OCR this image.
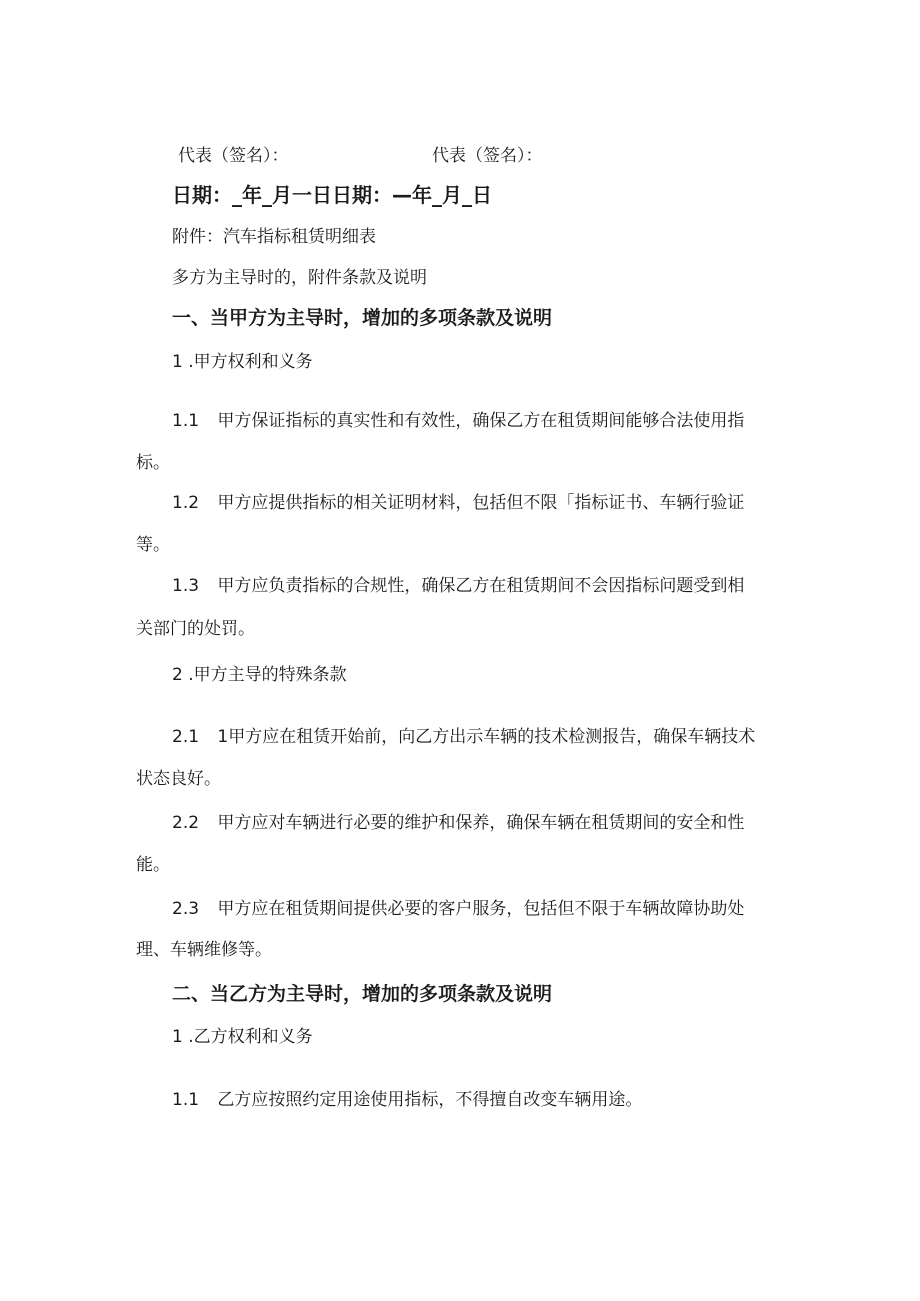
代表（签名）：	代表（签名）：
日期：_年_月一日日期：—年_月_日
附件：汽车指标租赁明细表
多方为主导时的，附件条款及说明
一、当甲方为主导时，增加的多项条款及说明
1 .甲方权利和义务
1.1 甲方保证指标的真实性和有效性，确保乙方在租赁期间能够合法使用指
标。
1.2 甲方应提供指标的相关证明材料，包括但不限「指标证书、车辆行验证
等。
1.3 甲方应负责指标的合规性，确保乙方在租赁期间不会因指标问题受到相
关部门的处罚。
2 .甲方主导的特殊条款
2.1 1甲方应在租赁开始前，向乙方出示车辆的技术检测报告，确保车辆技术
状态良好。
2.2 甲方应对车辆进行必要的维护和保养，确保车辆在租赁期间的安全和性
能。
2.3 甲方应在租赁期间提供必要的客户服务，包括但不限于车辆故障协助处
理、车辆维修等。
二、当乙方为主导时，增加的多项条款及说明
1 .乙方权利和义务
1.1 乙方应按照约定用途使用指标，不得擅自改变车辆用途。
